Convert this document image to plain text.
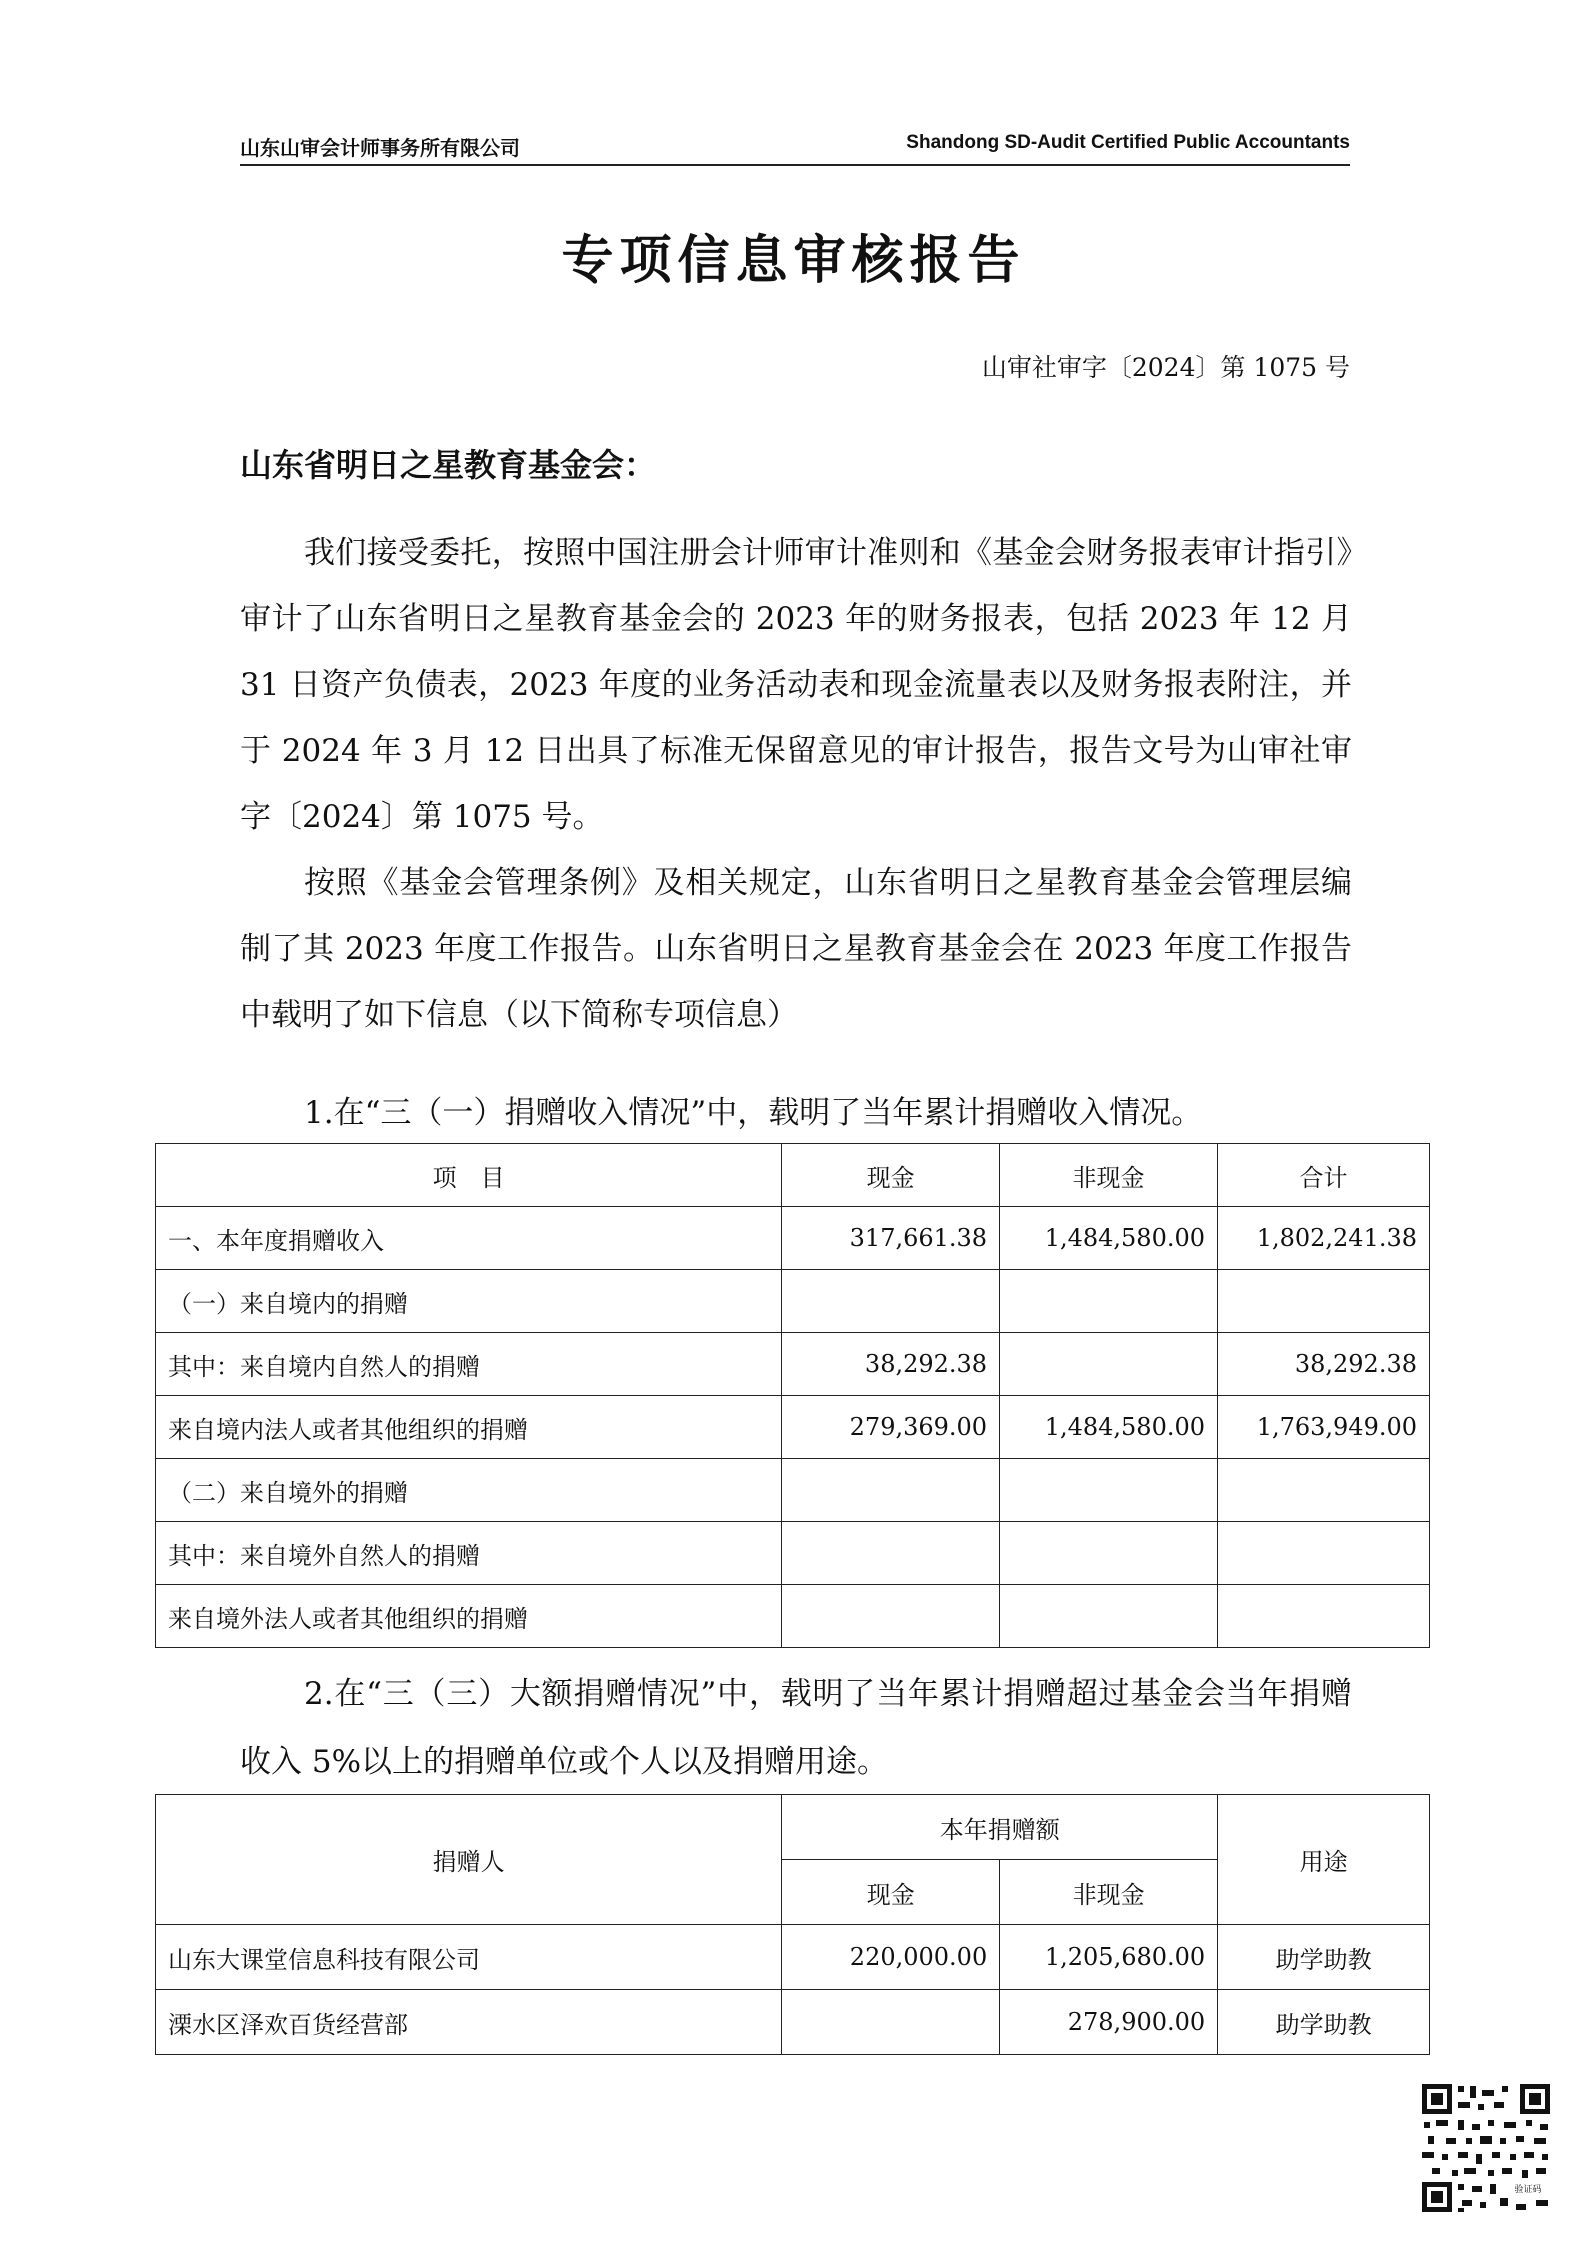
山东山审会计师事务所有限公司	Shandong SD-Audit Certified Public Accountants
专项信息审核报告
山审社审字〔2024〕第 1075 号
山东省明日之星教育基金会：
我们接受委托，按照中国注册会计师审计准则和《基金会财务报表审计指引》审计了山东省明日之星教育基金会的 2023 年的财务报表，包括 2023 年 12 月 31 日资产负债表，2023 年度的业务活动表和现金流量表以及财务报表附注，并于 2024 年 3 月 12 日出具了标准无保留意见的审计报告，报告文号为山审社审字〔2024〕第 1075 号。
按照《基金会管理条例》及相关规定，山东省明日之星教育基金会管理层编制了其 2023 年度工作报告。山东省明日之星教育基金会在 2023 年度工作报告中载明了如下信息（以下简称专项信息）
1.在“三（一）捐赠收入情况”中，载明了当年累计捐赠收入情况。
项　目	现金	非现金	合计
一、本年度捐赠收入	317,661.38	1,484,580.00	1,802,241.38
（一）来自境内的捐赠			
其中：来自境内自然人的捐赠	38,292.38		38,292.38
来自境内法人或者其他组织的捐赠	279,369.00	1,484,580.00	1,763,949.00
（二）来自境外的捐赠			
其中：来自境外自然人的捐赠			
来自境外法人或者其他组织的捐赠			
2.在“三（三）大额捐赠情况”中，载明了当年累计捐赠超过基金会当年捐赠收入 5%以上的捐赠单位或个人以及捐赠用途。
捐赠人	本年捐赠额		用途
	现金	非现金	
山东大课堂信息科技有限公司	220,000.00	1,205,680.00	助学助教
溧水区泽欢百货经营部		278,900.00	助学助教
验证码
